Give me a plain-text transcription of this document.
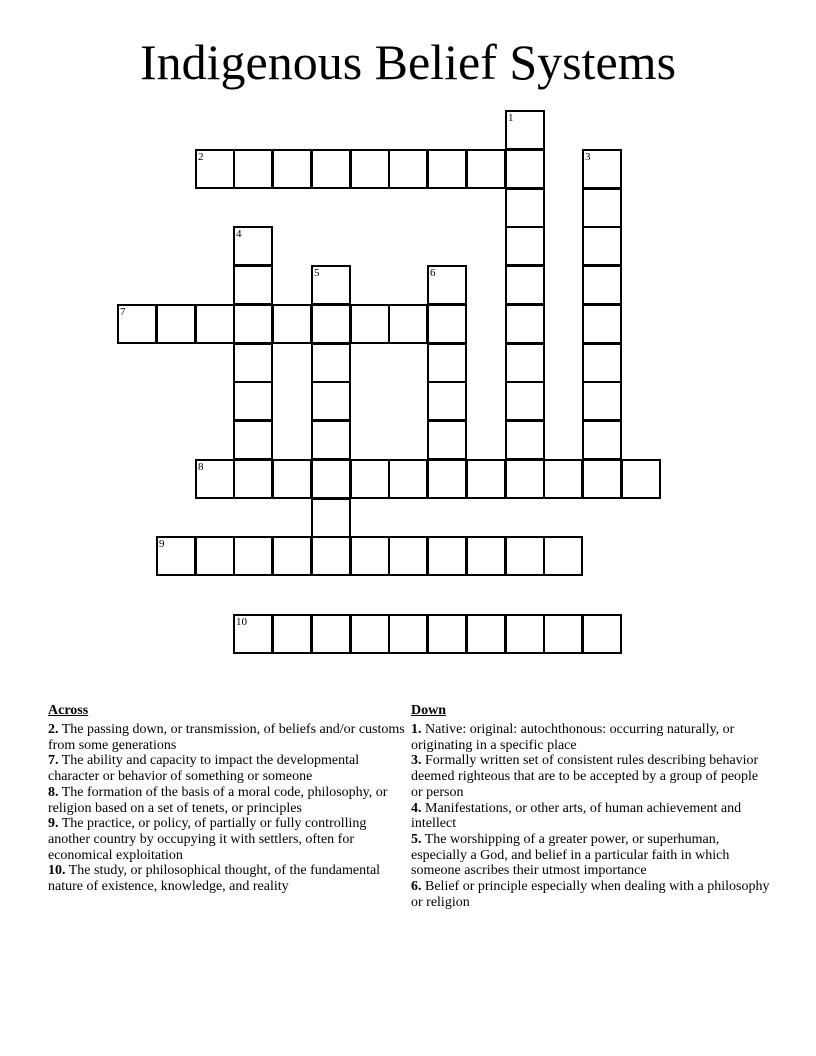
Indigenous Belief Systems
1
2	3
4
5	6
7
8
9
10
Across

2. The passing down, or transmission, of beliefs and/or customs from some generations

7. The ability and capacity to impact the developmental character or behavior of something or someone

8. The formation of the basis of a moral code, philosophy, or religion based on a set of tenets, or principles

9. The practice, or policy, of partially or fully controlling another country by occupying it with settlers, often for economical exploitation

10. The study, or philosophical thought, of the fundamental nature of existence, knowledge, and reality

Down

1. Native: original: autochthonous: occurring naturally, or originating in a specific place

3. Formally written set of consistent rules describing behavior deemed righteous that are to be accepted by a group of people or person

4. Manifestations, or other arts, of human achievement and intellect

5. The worshipping of a greater power, or superhuman, especially a God, and belief in a particular faith in which someone ascribes their utmost importance

6. Belief or principle especially when dealing with a philosophy or religion
